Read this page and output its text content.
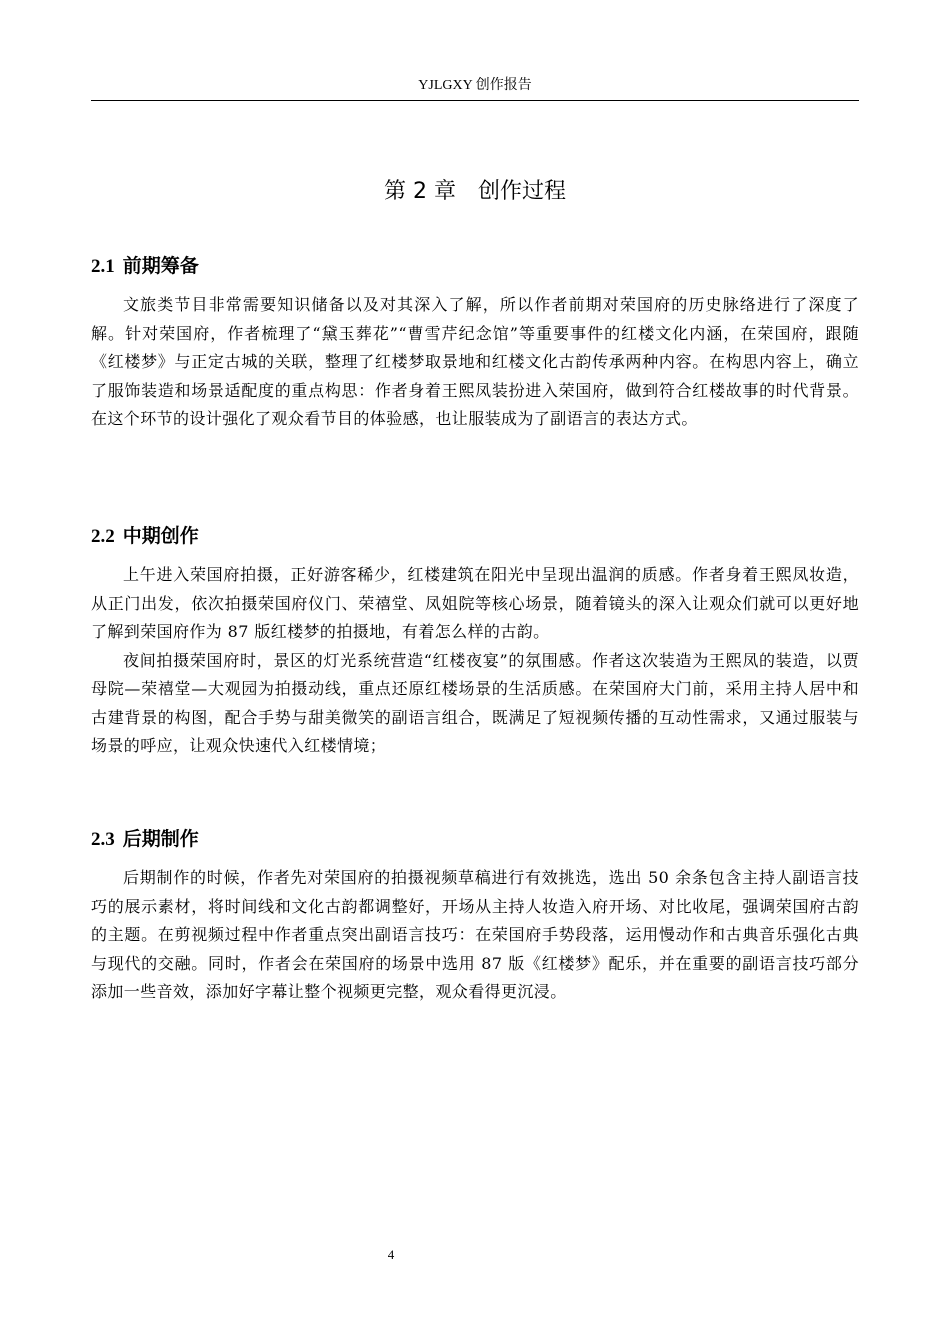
YJLGXY 创作报告
第 2 章 创作过程
2.1 前期筹备

文旅类节目非常需要知识储备以及对其深入了解，所以作者前期对荣国府的历史脉络进行了深度了解。针对荣国府，作者梳理了“黛玉葬花”“曹雪芹纪念馆”等重要事件的红楼文化内涵，在荣国府，跟随《红楼梦》与正定古城的关联，整理了红楼梦取景地和红楼文化古韵传承两种内容。在构思内容上，确立了服饰装造和场景适配度的重点构思：作者身着王熙凤装扮进入荣国府，做到符合红楼故事的时代背景。在这个环节的设计强化了观众看节目的体验感，也让服装成为了副语言的表达方式。

2.2 中期创作

上午进入荣国府拍摄，正好游客稀少，红楼建筑在阳光中呈现出温润的质感。作者身着王熙凤妆造，从正门出发，依次拍摄荣国府仪门、荣禧堂、凤姐院等核心场景，随着镜头的深入让观众们就可以更好地了解到荣国府作为 87 版红楼梦的拍摄地，有着怎么样的古韵。

夜间拍摄荣国府时，景区的灯光系统营造“红楼夜宴”的氛围感。作者这次装造为王熙凤的装造，以贾母院—荣禧堂—大观园为拍摄动线，重点还原红楼场景的生活质感。在荣国府大门前，采用主持人居中和 古建背景的构图，配合手势与甜美微笑的副语言组合，既满足了短视频传播的互动性需求，又通过服装与场景的呼应，让观众快速代入红楼情境；

2.3 后期制作

后期制作的时候，作者先对荣国府的拍摄视频草稿进行有效挑选，选出 50 余条包含主持人副语言技巧的展示素材，将时间线和文化古韵都调整好，开场从主持人妆造入府开场、对比收尾，强调荣国府古韵的主题。在剪视频过程中作者重点突出副语言技巧：在荣国府手势段落，运用慢动作和古典音乐强化古典与现代的交融。同时，作者会在荣国府的场景中选用 87 版《红楼梦》配乐，并在重要的副语言技巧部分添加一些音效，添加好字幕让整个视频更完整，观众看得更沉浸。

4
